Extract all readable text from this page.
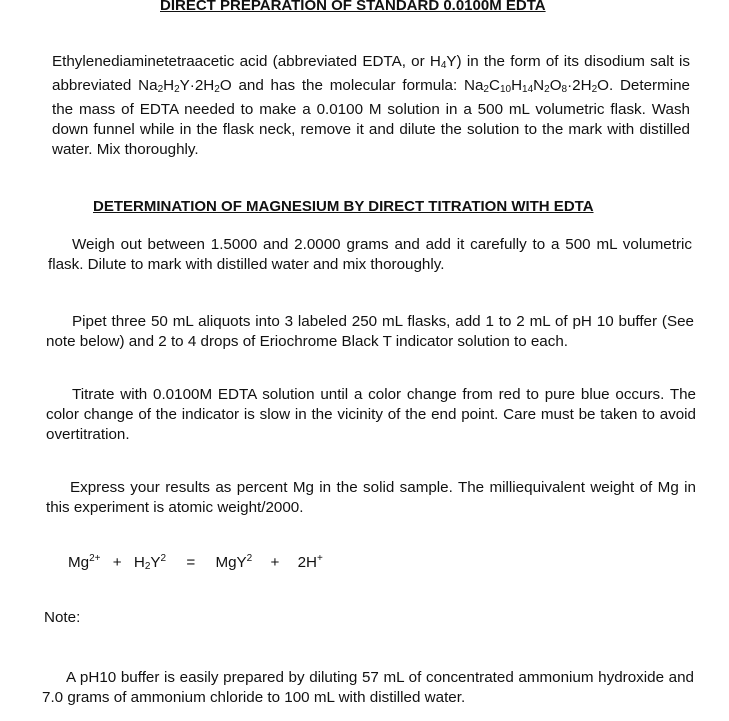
DIRECT PREPARATION OF STANDARD 0.0100M EDTA
Ethylenediaminetetraacetic acid (abbreviated EDTA, or $H_4Y$) in the form of its disodium salt is abbreviated $Na_2H_2Y\cdot 2H_2O$ and has the molecular formula: $Na_2C_{10}H_{14}N_2O_8\cdot 2H_2O$. Determine the mass of EDTA needed to make a 0.0100 M solution in a 500 mL volumetric flask. Wash down funnel while in the flask neck, remove it and dilute the solution to the mark with distilled water. Mix thoroughly.
DETERMINATION OF MAGNESIUM BY DIRECT TITRATION WITH EDTA
Weigh out between 1.5000 and 2.0000 grams and add it carefully to a 500 mL volumetric flask. Dilute to mark with distilled water and mix thoroughly.
Pipet three 50 mL aliquots into 3 labeled 250 mL flasks, add 1 to 2 mL of pH 10 buffer (See note below) and 2 to 4 drops of Eriochrome Black T indicator solution to each.
Titrate with 0.0100M EDTA solution until a color change from red to pure blue occurs. The color change of the indicator is slow in the vicinity of the end point. Care must be taken to avoid overtitration.
Express your results as percent Mg in the solid sample. The milliequivalent weight of Mg in this experiment is atomic weight/2000.
Mg2+ + H2Y2 = MgY2 + 2H+
Note:
A pH10 buffer is easily prepared by diluting 57 mL of concentrated ammonium hydroxide and 7.0 grams of ammonium chloride to 100 mL with distilled water.
